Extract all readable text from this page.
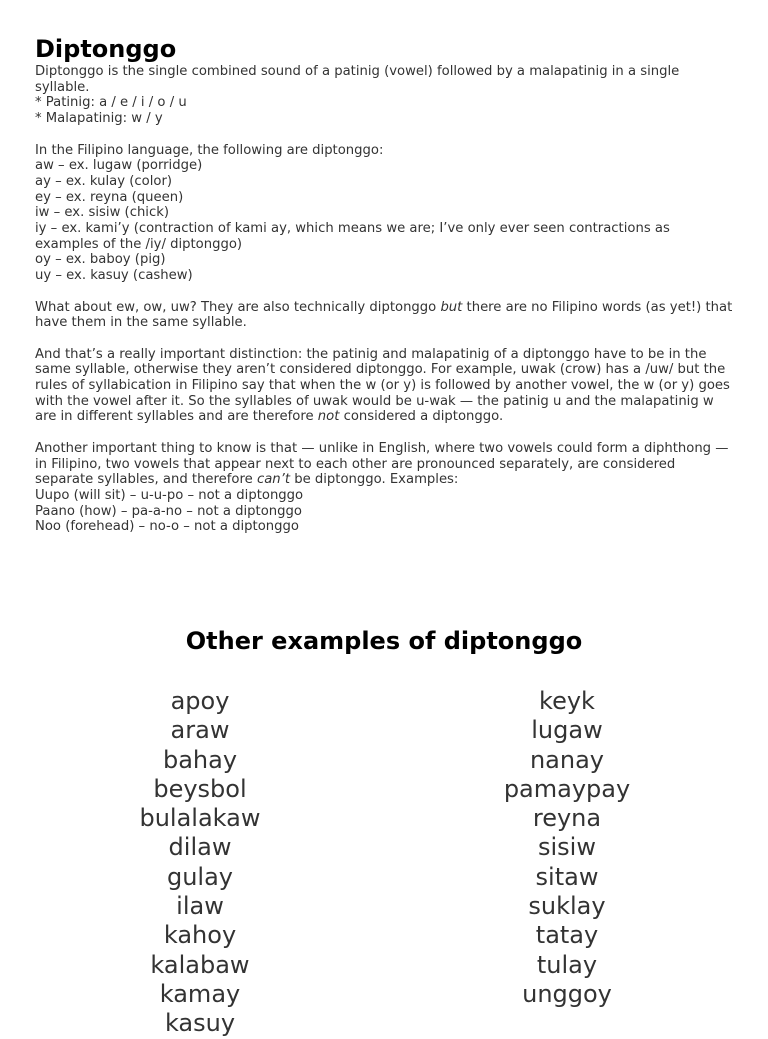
Diptonggo

Diptonggo is the single combined sound of a patinig (vowel) followed by a malapatinig in a single syllable.

* Patinig: a / e / i / o / u
* Malapatinig: w / y
In the Filipino language, the following are diptonggo:
aw – ex. lugaw (porridge)
ay – ex. kulay (color)
ey – ex. reyna (queen)
iw – ex. sisiw (chick)
iy – ex. kami’y (contraction of kami ay, which means we are; I’ve only ever seen contractions as examples of the /iy/ diptonggo)
oy – ex. baboy (pig)
uy – ex. kasuy (cashew)

What about ew, ow, uw? They are also technically diptonggo but there are no Filipino words (as yet!) that have them in the same syllable.

And that’s a really important distinction: the patinig and malapatinig of a diptonggo have to be in the same syllable, otherwise they aren’t considered diptonggo. For example, uwak (crow) has a /uw/ but the rules of syllabication in Filipino say that when the w (or y) is followed by another vowel, the w (or y) goes with the vowel after it. So the syllables of uwak would be u-wak — the patinig u and the malapatinig w are in different syllables and are therefore not considered a diptonggo.

Another important thing to know is that — unlike in English, where two vowels could form a diphthong — in Filipino, two vowels that appear next to each other are pronounced separately, are considered separate syllables, and therefore can’t be diptonggo. Examples:

Uupo (will sit) – u-u-po – not a diptonggo
Paano (how) – pa-a-no – not a diptonggo
Noo (forehead) – no-o – not a diptonggo
Other examples of diptonggo
apoy
araw
bahay
beysbol
bulalakaw
dilaw
gulay
ilaw
kahoy
kalabaw
kamay
kasuy
keyk
lugaw
nanay
pamaypay
reyna
sisiw
sitaw
suklay
tatay
tulay
unggoy
